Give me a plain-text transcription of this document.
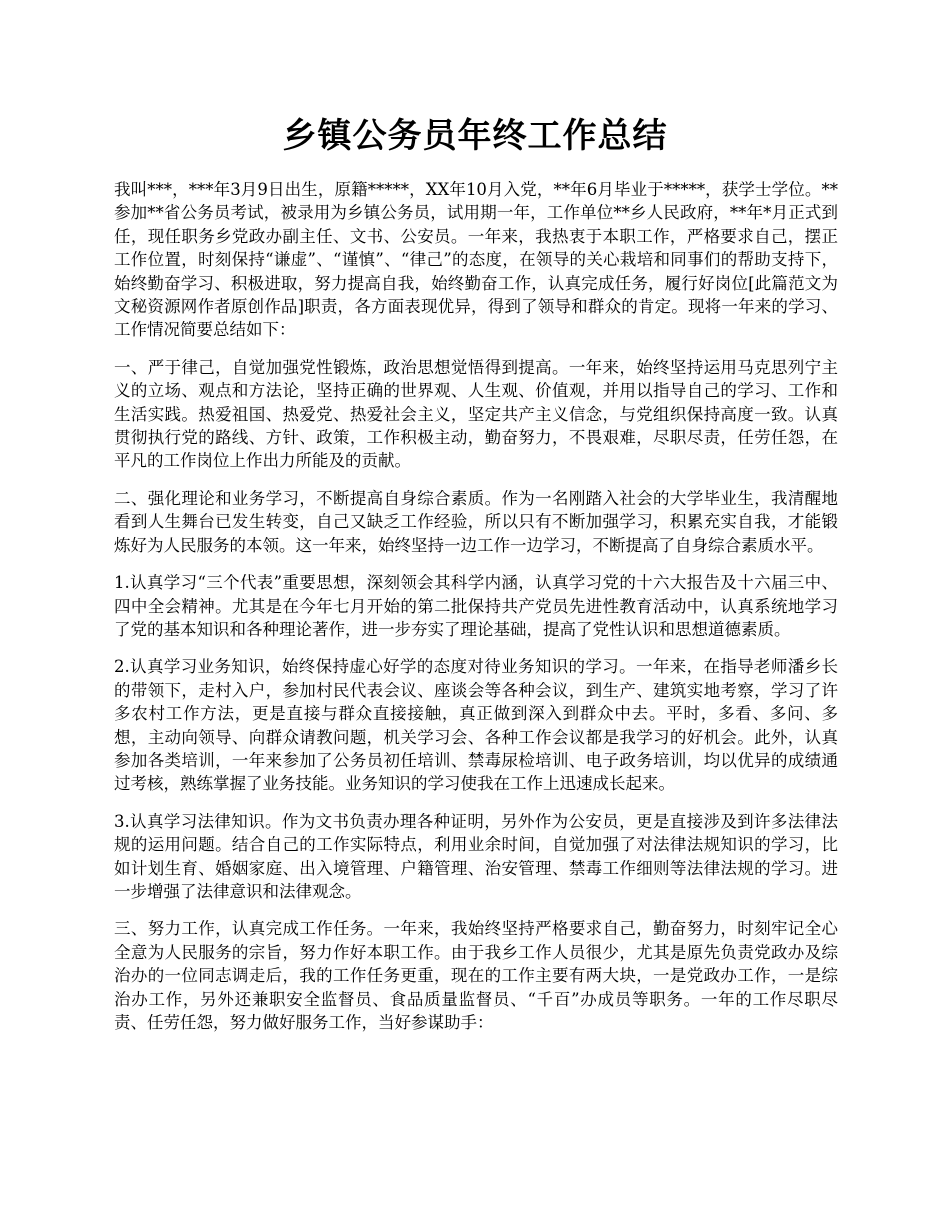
乡镇公务员年终工作总结

我叫***，***年3月9日出生，原籍*****，XX年10月入党，**年6月毕业于*****，获学士学位。**参加**省公务员考试，被录用为乡镇公务员，试用期一年，工作单位**乡人民政府，**年*月正式到任，现任职务乡党政办副主任、文书、公安员。一年来，我热衷于本职工作，严格要求自己，摆正工作位置，时刻保持“谦虚”、“谨慎”、“律己”的态度，在领导的关心栽培和同事们的帮助支持下，始终勤奋学习、积极进取，努力提高自我，始终勤奋工作，认真完成任务，履行好岗位[此篇范文为文秘资源网作者原创作品]职责，各方面表现优异，得到了领导和群众的肯定。现将一年来的学习、工作情况简要总结如下：

一、严于律己，自觉加强党性锻炼，政治思想觉悟得到提高。一年来，始终坚持运用马克思列宁主义的立场、观点和方法论，坚持正确的世界观、人生观、价值观，并用以指导自己的学习、工作和生活实践。热爱祖国、热爱党、热爱社会主义，坚定共产主义信念，与党组织保持高度一致。认真贯彻执行党的路线、方针、政策，工作积极主动，勤奋努力，不畏艰难，尽职尽责，任劳任怨，在平凡的工作岗位上作出力所能及的贡献。

二、强化理论和业务学习，不断提高自身综合素质。作为一名刚踏入社会的大学毕业生，我清醒地看到人生舞台已发生转变，自己又缺乏工作经验，所以只有不断加强学习，积累充实自我，才能锻炼好为人民服务的本领。这一年来，始终坚持一边工作一边学习，不断提高了自身综合素质水平。

1.认真学习“三个代表”重要思想，深刻领会其科学内涵，认真学习党的十六大报告及十六届三中、四中全会精神。尤其是在今年七月开始的第二批保持共产党员先进性教育活动中，认真系统地学习了党的基本知识和各种理论著作，进一步夯实了理论基础，提高了党性认识和思想道德素质。

2.认真学习业务知识，始终保持虚心好学的态度对待业务知识的学习。一年来，在指导老师潘乡长的带领下，走村入户，参加村民代表会议、座谈会等各种会议，到生产、建筑实地考察，学习了许多农村工作方法，更是直接与群众直接接触，真正做到深入到群众中去。平时，多看、多问、多想，主动向领导、向群众请教问题，机关学习会、各种工作会议都是我学习的好机会。此外，认真参加各类培训，一年来参加了公务员初任培训、禁毒尿检培训、电子政务培训，均以优异的成绩通过考核，熟练掌握了业务技能。业务知识的学习使我在工作上迅速成长起来。

3.认真学习法律知识。作为文书负责办理各种证明，另外作为公安员，更是直接涉及到许多法律法规的运用问题。结合自己的工作实际特点，利用业余时间，自觉加强了对法律法规知识的学习，比如计划生育、婚姻家庭、出入境管理、户籍管理、治安管理、禁毒工作细则等法律法规的学习。进一步增强了法律意识和法律观念。

三、努力工作，认真完成工作任务。一年来，我始终坚持严格要求自己，勤奋努力，时刻牢记全心全意为人民服务的宗旨，努力作好本职工作。由于我乡工作人员很少，尤其是原先负责党政办及综治办的一位同志调走后，我的工作任务更重，现在的工作主要有两大块，一是党政办工作，一是综治办工作，另外还兼职安全监督员、食品质量监督员、“千百”办成员等职务。一年的工作尽职尽责、任劳任怨，努力做好服务工作，当好参谋助手：
